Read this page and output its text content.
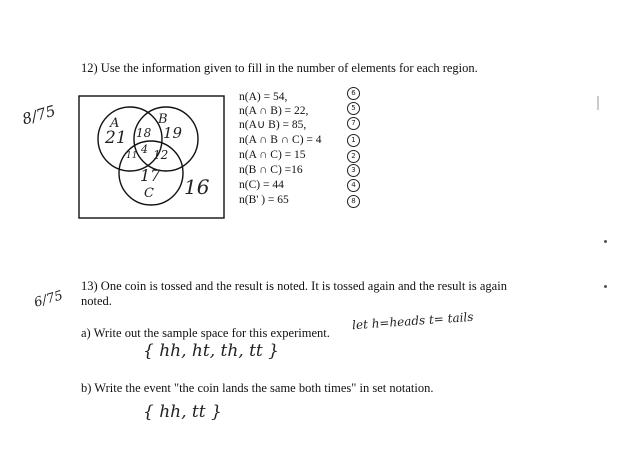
12) Use the information given to fill in the number of elements for each region.
8/75	A	B
C
21 18 19
4
11 12
17 16
n(A) = 54,
n(A ∩ B) = 22,
n(A∪ B) = 85,
n(A ∩ B ∩ C) = 4
n(A ∩ C) = 15
n(B ∩ C) =16
n(C) = 44
n(B' ) = 65
6
5
7
1
2
3
4
8
13) One coin is tossed and the result is noted. It is tossed again and the result is again
noted.
6/75
a) Write out the sample space for this experiment.
let h=heads t= tails
{ hh, ht, th, tt }
b) Write the event "the coin lands the same both times" in set notation.
{ hh, tt }
